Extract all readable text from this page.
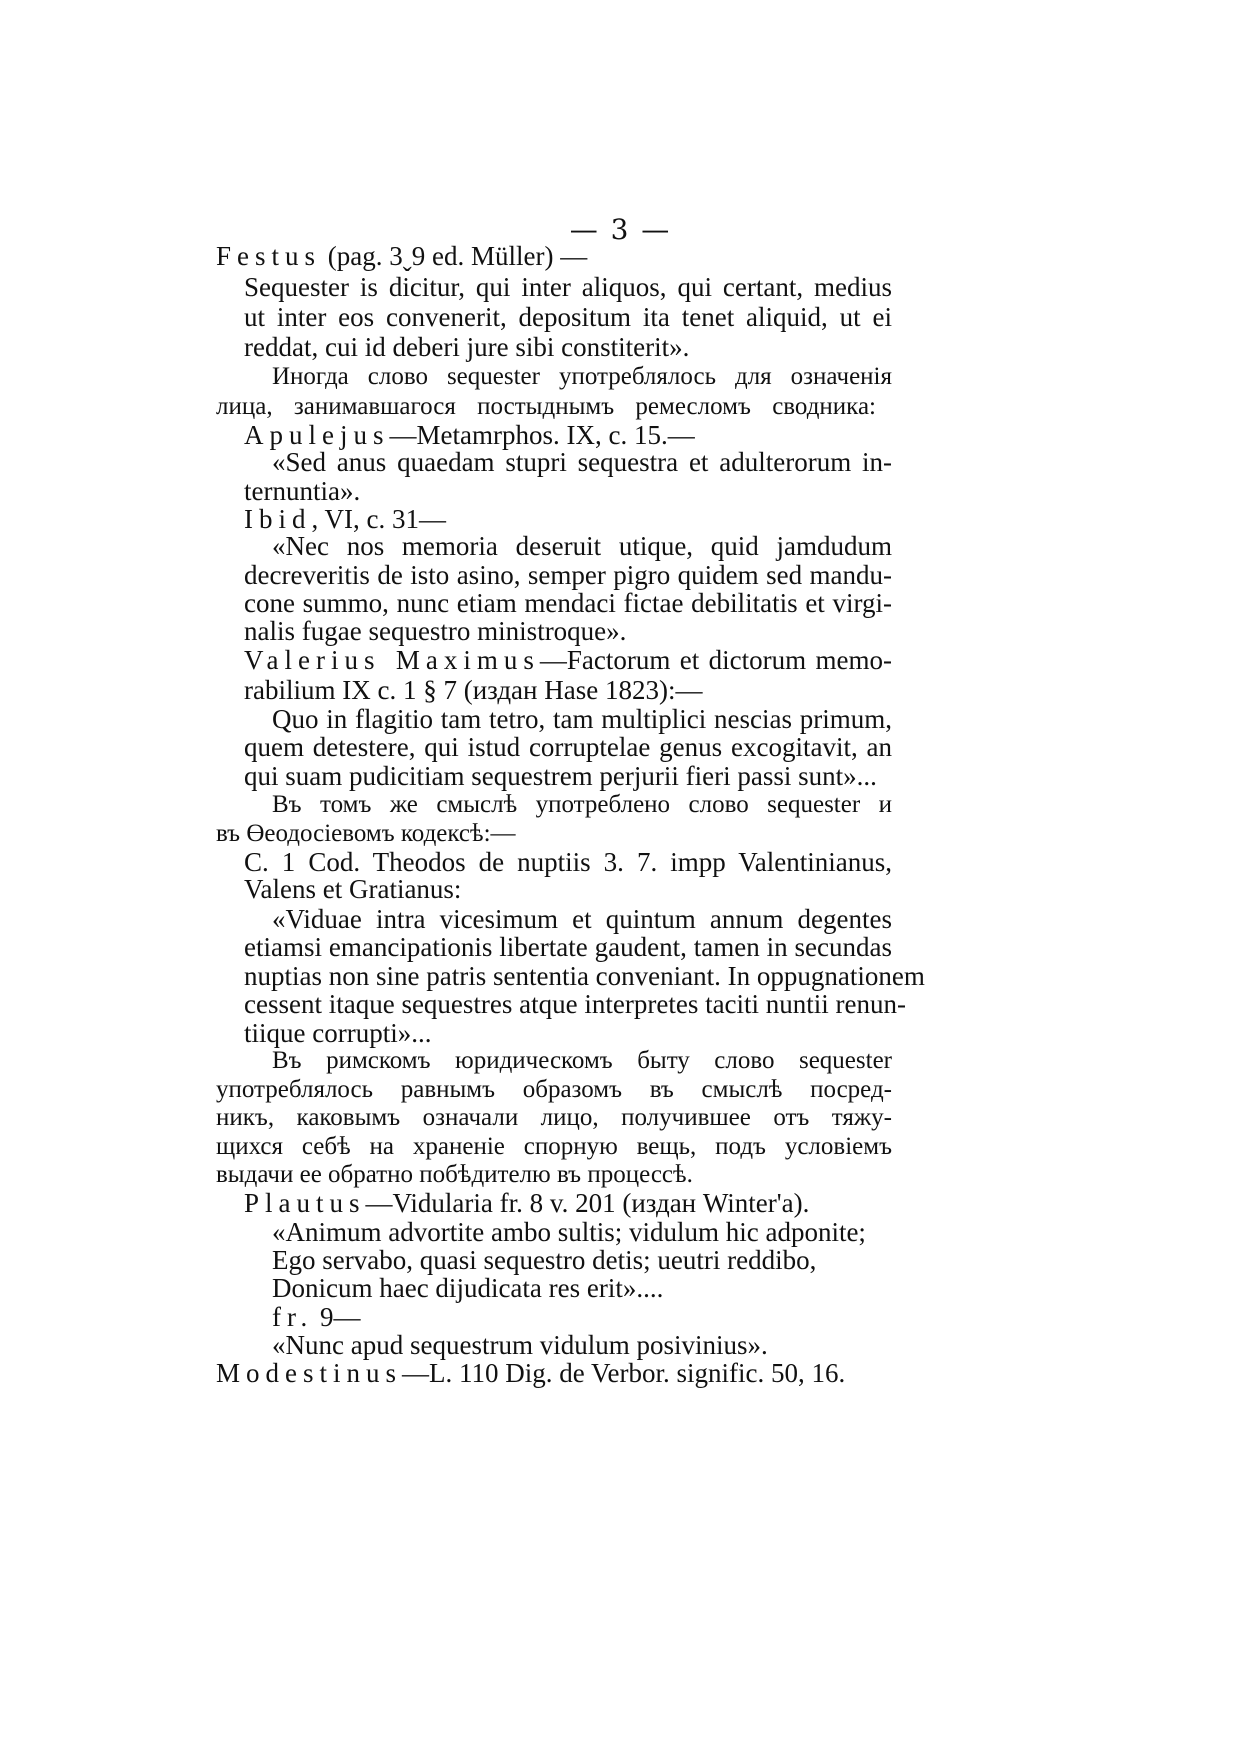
— 3 —
Festus (pag. 3ˬ9 ed. Müller) —
Sequester is dicitur, qui inter aliquos, qui certant, medius
ut inter eos convenerit, depositum ita tenet aliquid, ut ei
reddat, cui id deberi jure sibi constiterit».
Иногда слово sequester употреблялось для означенія
лица, занимавшагося постыднымъ ремесломъ сводника:
Apulejus—Metamrphos. IX, c. 15.—
«Sed anus quaedam stupri sequestra et adulterorum in-
ternuntia».
Ibid, VI, c. 31—
«Nec nos memoria deseruit utique, quid jamdudum
decreveritis de isto asino, semper pigro quidem sed mandu-
cone summo, nunc etiam mendaci fictae debilitatis et virgi-
nalis fugae sequestro ministroque».
Valerius Maximus—Factorum et dictorum memo-
rabilium IX c. 1 § 7 (издан Hase 1823):—
Quo in flagitio tam tetro, tam multiplici nescias primum,
quem detestere, qui istud corruptelae genus excogitavit, an
qui suam pudicitiam sequestrem perjurii fieri passi sunt»...
Въ томъ же смыслѣ употреблено слово sequester и
въ Өеодосіевомъ кодексѣ:—
C. 1 Cod. Theodos de nuptiis 3. 7. impp Valentinianus,
Valens et Gratianus:
«Viduae intra vicesimum et quintum annum degentes
etiamsi emancipationis libertate gaudent, tamen in secundas
nuptias non sine patris sententia conveniant. In oppugnationem
cessent itaque sequestres atque interpretes taciti nuntii renun-
tiique corrupti»...
Въ римскомъ юридическомъ быту слово sequester
употреблялось равнымъ образомъ въ смыслѣ посред-
никъ, каковымъ означали лицо, получившее отъ тяжу-
щихся себѣ на храненіе спорную вещь, подъ условіемъ
выдачи ее обратно побѣдителю въ процессѣ.
Plautus—Vidularia fr. 8 v. 201 (издан Winter'a).
«Animum advortite ambo sultis; vidulum hic adponite;
Ego servabo, quasi sequestro detis; ueutri reddibo,
Donicum haec dijudicata res erit»....
fr. 9—
«Nunc apud sequestrum vidulum posivinius».
Modestinus—L. 110 Dig. de Verbor. signific. 50, 16.
